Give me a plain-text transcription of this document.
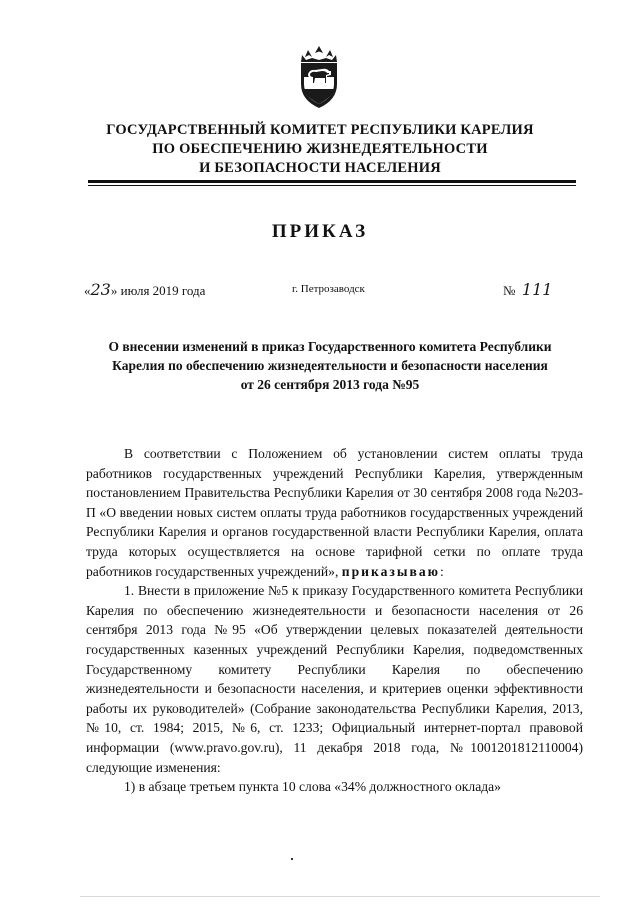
ГОСУДАРСТВЕННЫЙ КОМИТЕТ РЕСПУБЛИКИ КАРЕЛИЯ
ПО ОБЕСПЕЧЕНИЮ ЖИЗНЕДЕЯТЕЛЬНОСТИ
И БЕЗОПАСНОСТИ НАСЕЛЕНИЯ
ПРИКАЗ
«23» июля 2019 года	г. Петрозаводск	№ 111
О внесении изменений в приказ Государственного комитета Республики
Карелия по обеспечению жизнедеятельности и безопасности населения
от 26 сентября 2013 года №95

В соответствии с Положением об установлении систем оплаты труда работников государственных учреждений Республики Карелия, утвержденным постановлением Правительства Республики Карелия от 30 сентября 2008 года №203-П «О введении новых систем оплаты труда работников государственных учреждений Республики Карелия и органов государственной власти Республики Карелия, оплата труда которых осуществляется на основе тарифной сетки по оплате труда работников государственных учреждений», приказываю:

1. Внести в приложение №5 к приказу Государственного комитета Республики Карелия по обеспечению жизнедеятельности и безопасности населения от 26 сентября 2013 года №95 «Об утверждении целевых показателей деятельности государственных казенных учреждений Республики Карелия, подведомственных Государственному комитету Республики Карелия по обеспечению жизнедеятельности и безопасности населения, и критериев оценки эффективности работы их руководителей» (Собрание законодательства Республики Карелия, 2013, №10, ст. 1984; 2015, №6, ст. 1233; Официальный интернет-портал правовой информации (www.pravo.gov.ru), 11 декабря 2018 года, №1001201812110004) следующие изменения:

1) в абзаце третьем пункта 10 слова «34% должностного оклада»
